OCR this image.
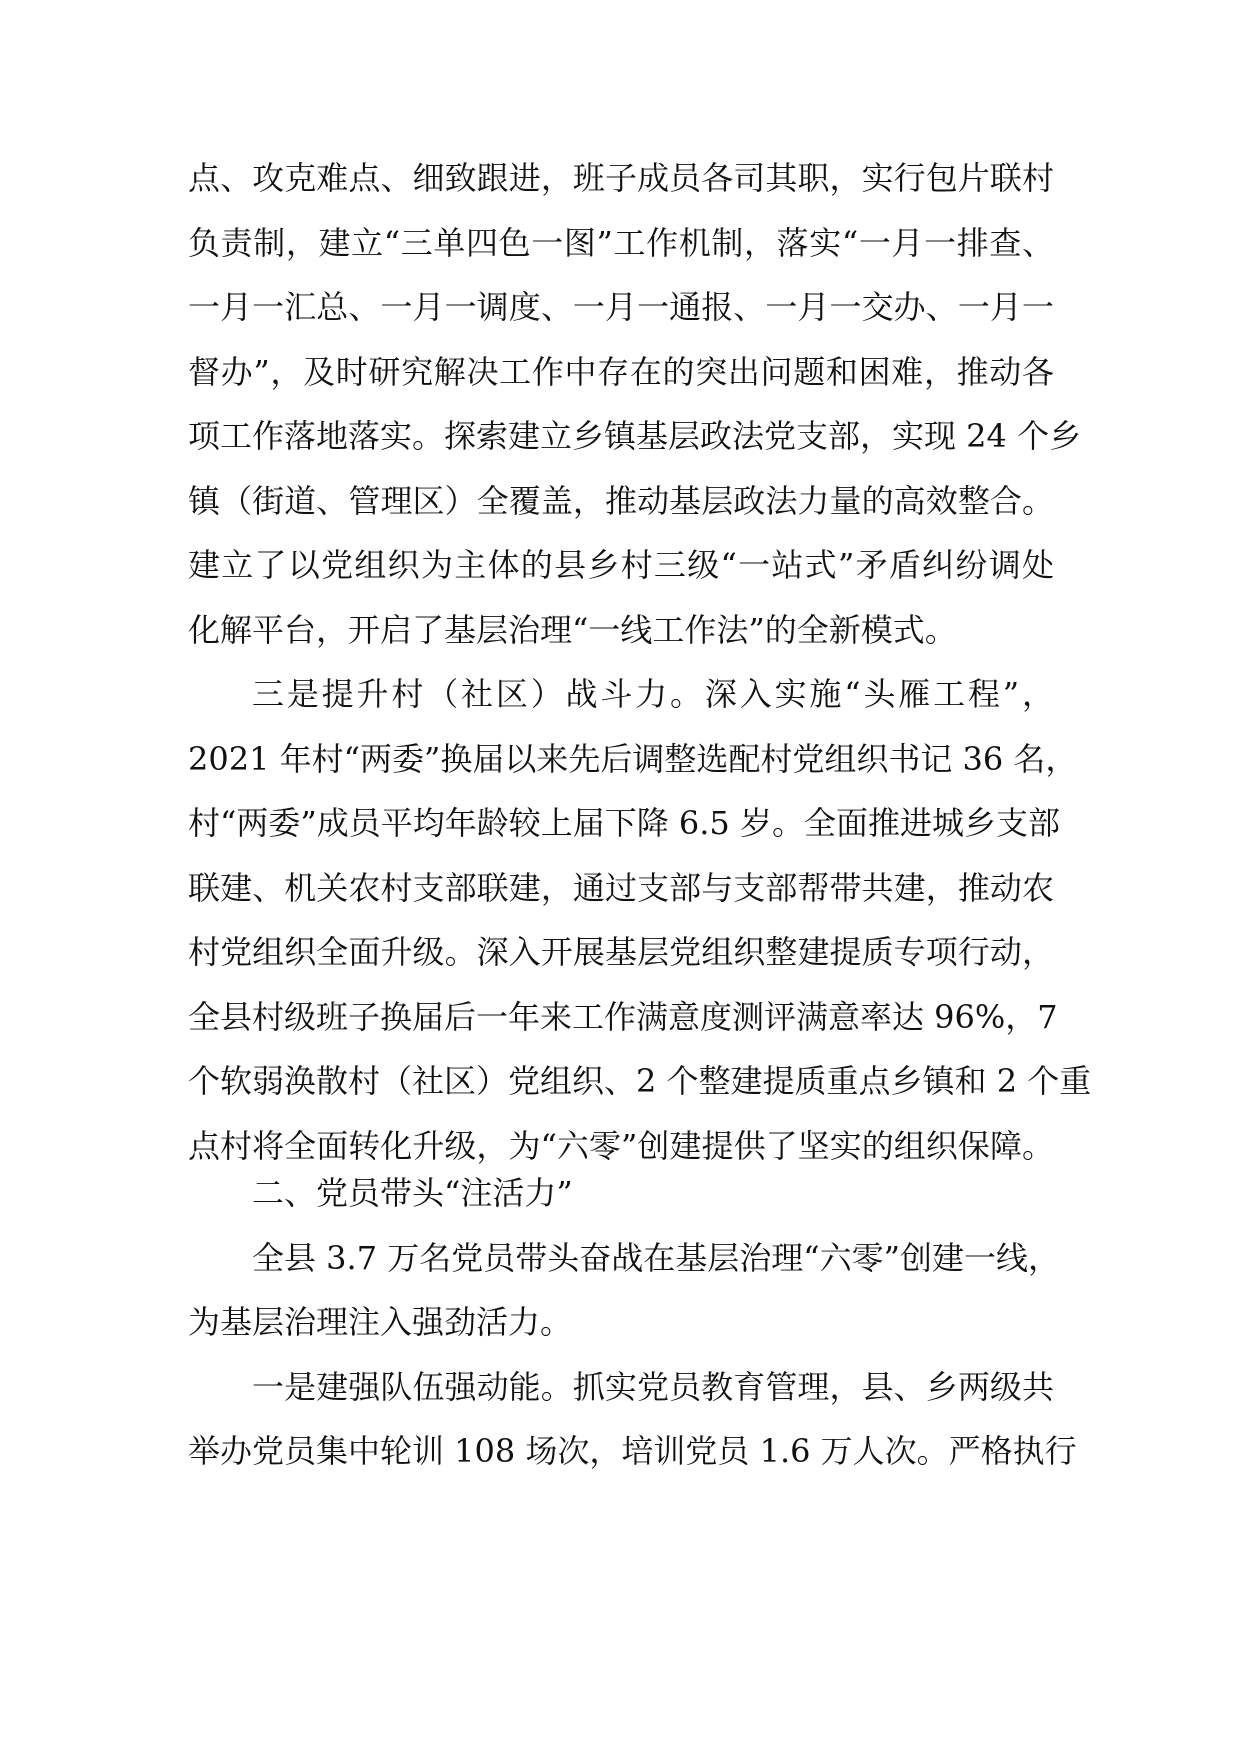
点、攻克难点、细致跟进，班子成员各司其职，实行包片联村
负责制，建立“三单四色一图”工作机制，落实“一月一排查、
一月一汇总、一月一调度、一月一通报、一月一交办、一月一
督办”，及时研究解决工作中存在的突出问题和困难，推动各
项工作落地落实。探索建立乡镇基层政法党支部，实现 24 个乡
镇（街道、管理区）全覆盖，推动基层政法力量的高效整合。
建立了以党组织为主体的县乡村三级“一站式”矛盾纠纷调处
化解平台，开启了基层治理“一线工作法”的全新模式。
三是提升村（社区）战斗力。深入实施“头雁工程”，
2021 年村“两委”换届以来先后调整选配村党组织书记 36 名，
村“两委”成员平均年龄较上届下降 6.5 岁。全面推进城乡支部
联建、机关农村支部联建，通过支部与支部帮带共建，推动农
村党组织全面升级。深入开展基层党组织整建提质专项行动，
全县村级班子换届后一年来工作满意度测评满意率达 96%，7
个软弱涣散村（社区）党组织、2 个整建提质重点乡镇和 2 个重
点村将全面转化升级，为“六零”创建提供了坚实的组织保障。
二、党员带头“注活力”
全县 3.7 万名党员带头奋战在基层治理“六零”创建一线，
为基层治理注入强劲活力。
一是建强队伍强动能。抓实党员教育管理，县、乡两级共
举办党员集中轮训 108 场次，培训党员 1.6 万人次。严格执行
